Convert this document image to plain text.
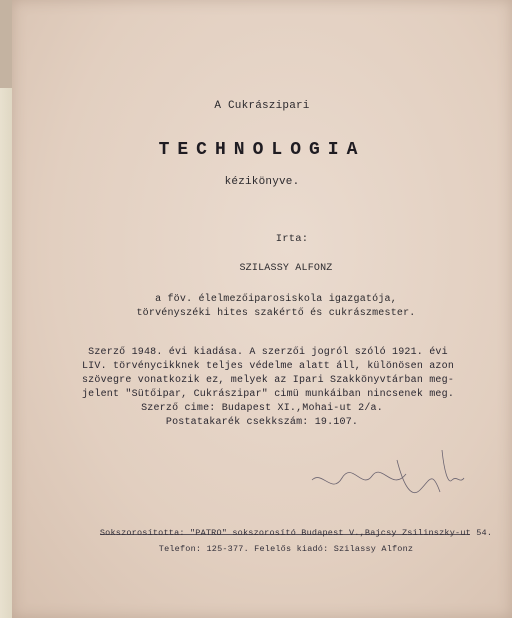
A Cukrászipari
TECHNOLOGIA
kézikönyve.
Irta:
SZILASSY ALFONZ
a föv. élelmezőiparosiskola igazgatója,
törvényszéki hites szakértő és cukrászmester.
Szerző 1948. évi kiadása. A szerzői jogról szóló 1921. évi
LIV. törvénycikknek teljes védelme alatt áll, különösen azon
szövegre vonatkozik ez, melyek az Ipari Szakkönyvtárban meg-
jelent "Sütőipar, Cukrászipar" cimü munkáiban nincsenek meg.
Szerző cime: Budapest XI.,Mohai-ut 2/a.
Postatakarék csekkszám: 19.107.
Sokszorosította: "PATRO" sokszorosító Budapest V.,Bajcsy Zsilinszky-ut 54.
Telefon: 125-377. Felelős kiadó: Szilassy Alfonz
